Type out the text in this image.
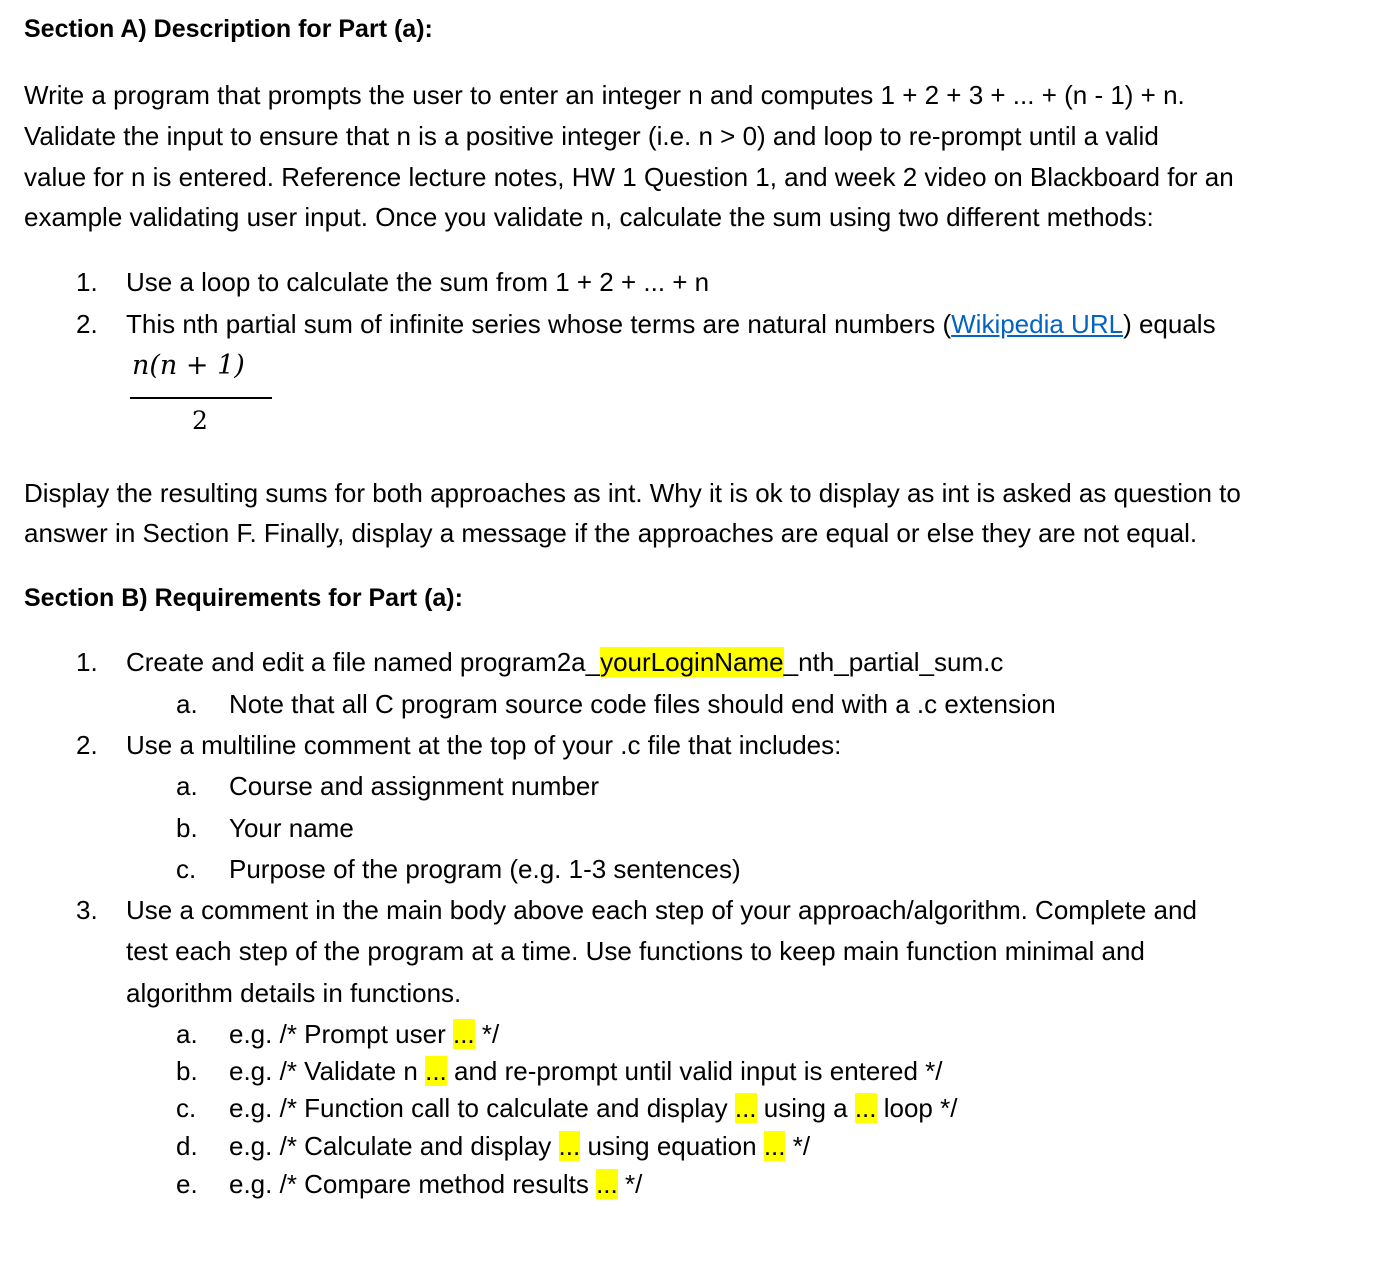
Section A) Description for Part (a):
Write a program that prompts the user to enter an integer n and computes 1 + 2 + 3 + ... + (n - 1) + n.
Validate the input to ensure that n is a positive integer (i.e. n > 0) and loop to re-prompt until a valid
value for n is entered. Reference lecture notes, HW 1 Question 1, and week 2 video on Blackboard for an
example validating user input. Once you validate n, calculate the sum using two different methods:
1. Use a loop to calculate the sum from 1 + 2 + ... + n
2. This nth partial sum of infinite series whose terms are natural numbers (Wikipedia URL) equals
n(n + 1)
2
Display the resulting sums for both approaches as int. Why it is ok to display as int is asked as question to
answer in Section F. Finally, display a message if the approaches are equal or else they are not equal.
Section B) Requirements for Part (a):
1. Create and edit a file named program2a_yourLoginName_nth_partial_sum.c
a. Note that all C program source code files should end with a .c extension
2. Use a multiline comment at the top of your .c file that includes:
a. Course and assignment number
b. Your name
c. Purpose of the program (e.g. 1-3 sentences)
3. Use a comment in the main body above each step of your approach/algorithm. Complete and
test each step of the program at a time. Use functions to keep main function minimal and
algorithm details in functions.
a. e.g. /* Prompt user ... */
b. e.g. /* Validate n ... and re-prompt until valid input is entered */
c. e.g. /* Function call to calculate and display ... using a ... loop */
d. e.g. /* Calculate and display ... using equation ... */
e. e.g. /* Compare method results ... */
